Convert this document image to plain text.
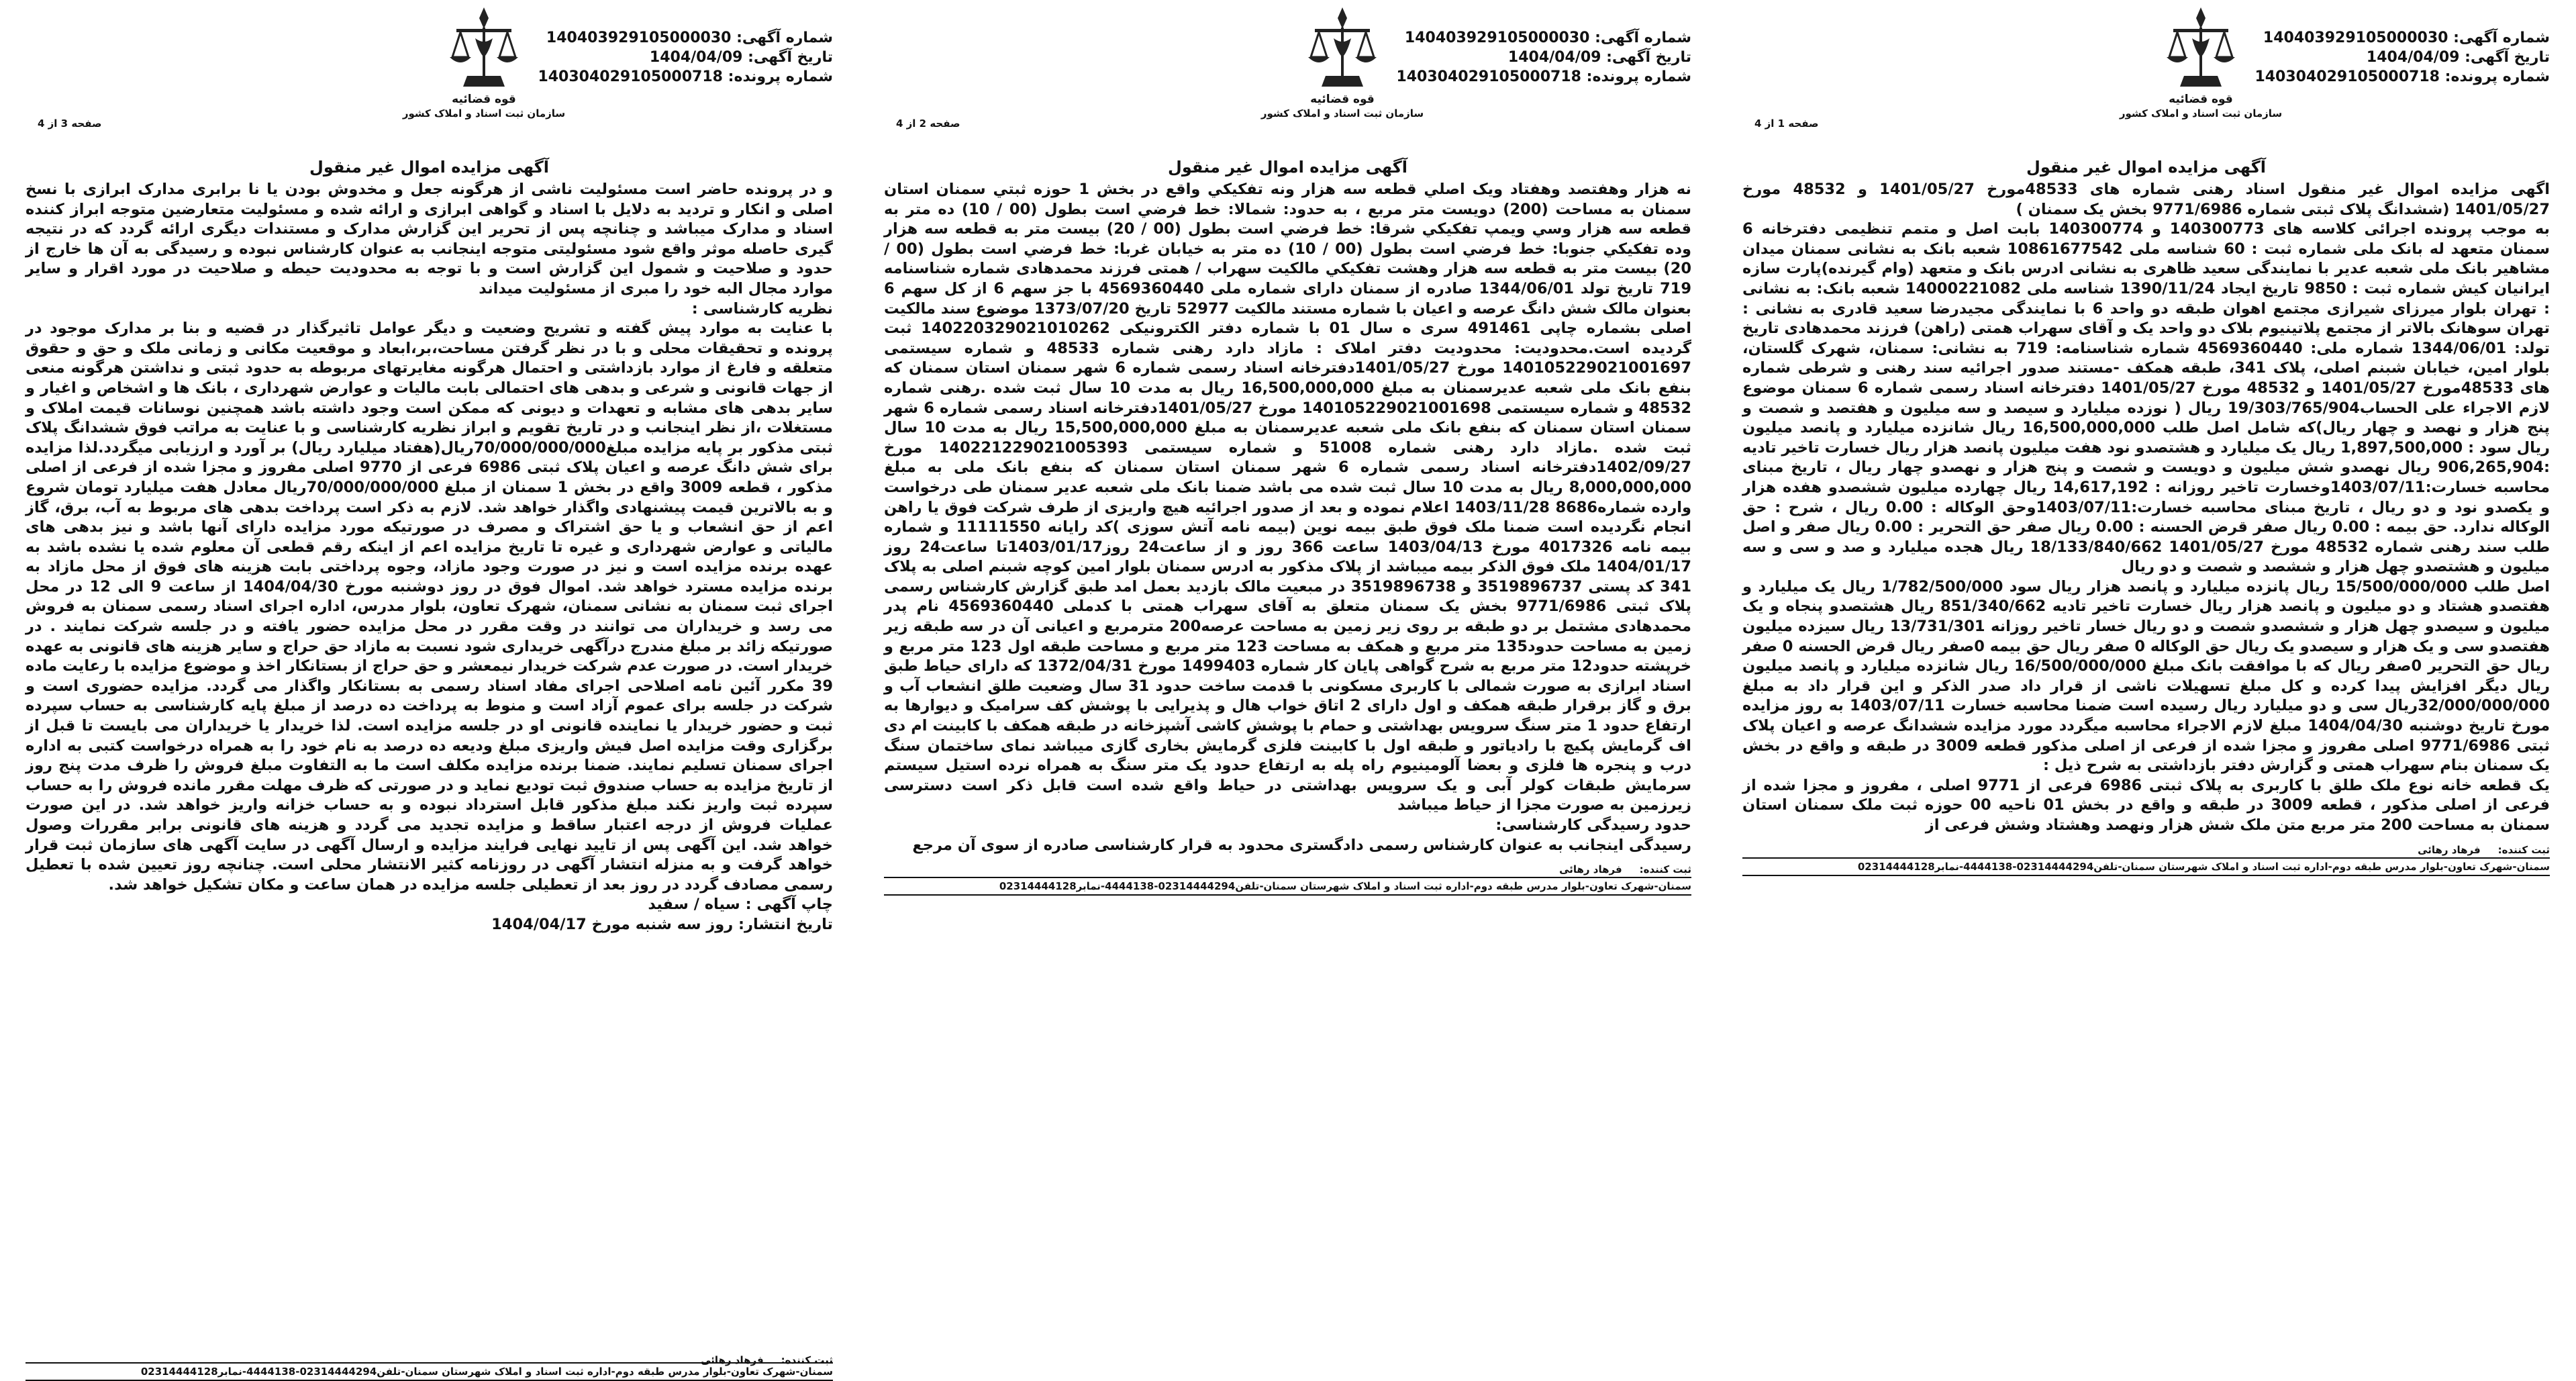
شماره آگهی: 140403929105000030
تاریخ آگهی: 1404/04/09
شماره پرونده: 140304029105000718
قوه قضائیه
سازمان ثبت اسناد و املاک کشور
صفحه 3 از 4
آگهی مزایده اموال غیر منقول
و در پرونده حاضر است مسئولیت ناشی از هرگونه جعل و مخدوش بودن یا نا برابری مدارک ابرازی با نسخ اصلی و انکار و تردید به دلایل با اسناد و گواهی ابرازی و ارائه شده و مسئولیت متعارضین متوجه ابراز کننده اسناد و مدارک میباشد و چنانچه پس از تحریر این گزارش مدارک و مستندات دیگری ارائه گردد که در نتیجه گیری حاصله موثر واقع شود مسئولیتی متوجه اینجانب به عنوان کارشناس نبوده و رسیدگی به آن ها خارج از حدود و صلاحیت و شمول این گزارش است و با توجه به محدودیت حیطه و صلاحیت در مورد اقرار و سایر موارد مجال البه خود را مبری از مسئولیت میداند
نظریه کارشناسی :
با عنایت به موارد پیش گفته و تشریح وضعیت و دیگر عوامل تاثیرگذار در قضیه و بنا بر مدارک موجود در پرونده و تحقیقات محلی و با در نظر گرفتن مساحت،بر،ابعاد و موقعیت مکانی و زمانی ملک و حق و حقوق متعلقه و فارغ از موارد بازداشتی و احتمال هرگونه مغایرتهای مربوطه به حدود ثبتی و نداشتن هرگونه منعی از جهات قانونی و شرعی و بدهی های احتمالی بابت مالیات و عوارض شهرداری ، بانک ها و اشخاص و اغیار و سایر بدهی های مشابه و تعهدات و دیونی که ممکن است وجود داشته باشد همچنین نوسانات قیمت املاک و مستغلات ،از نظر اینجانب و در تاریخ تقویم و ابراز نظریه کارشناسی و با عنایت به مراتب فوق ششدانگ پلاک ثبتی مذکور بر پایه مزایده مبلغ70/000/000/000ریال(هفتاد میلیارد ریال) بر آورد و ارزیابی میگردد.لذا مزایده برای شش دانگ عرصه و اعیان پلاک ثبتی 6986 فرعی از 9770 اصلی مفروز و مجزا شده از فرعی از اصلی مذکور ، قطعه 3009 واقع در بخش 1 سمنان از مبلغ 70/000/000/000ریال معادل هفت میلیارد تومان شروع و به بالاترین قیمت پیشنهادی واگذار خواهد شد. لازم به ذکر است پرداخت بدهی های مربوط به آب، برق، گاز اعم از حق انشعاب و یا حق اشتراک و مصرف در صورتیکه مورد مزایده دارای آنها باشد و نیز بدهی های مالیاتی و عوارض شهرداری و غیره تا تاریخ مزایده اعم از اینکه رقم قطعی آن معلوم شده یا نشده باشد به عهده برنده مزایده است و نیز در صورت وجود مازاد، وجوه پرداختی بابت هزینه های فوق از محل مازاد به برنده مزایده مسترد خواهد شد. اموال فوق در روز دوشنبه مورخ 1404/04/30 از ساعت 9 الی 12 در محل اجرای ثبت سمنان به نشانی سمنان، شهرک تعاون، بلوار مدرس، اداره اجرای اسناد رسمی سمنان به فروش می رسد و خریداران می توانند در وقت مقرر در محل مزایده حضور یافته و در جلسه شرکت نمایند . در صورتیکه زائد بر مبلغ مندرج درآگهی خریداری شود نسبت به مازاد حق حراج و سایر هزینه های قانونی به عهده خریدار است. در صورت عدم شرکت خریدار نیمعشر و حق حراج از بستانکار اخذ و موضوع مزایده با رعایت ماده 39 مکرر آئین نامه اصلاحی اجرای مفاد اسناد رسمی به بستانکار واگذار می گردد. مزایده حضوری است و شرکت در جلسه برای عموم آزاد است و منوط به پرداخت ده درصد از مبلغ پایه کارشناسی به حساب سپرده ثبت و حضور خریدار یا نماینده قانونی او در جلسه مزایده است. لذا خریدار یا خریداران می بایست تا قبل از برگزاری وقت مزایده اصل فیش واریزی مبلغ ودیعه ده درصد به نام خود را به همراه درخواست کتبی به اداره اجرای سمنان تسلیم نمایند. ضمنا برنده مزایده مکلف است ما به التفاوت مبلغ فروش را ظرف مدت پنج روز از تاریخ مزایده به حساب صندوق ثبت تودیع نماید و در صورتی که ظرف مهلت مقرر مانده فروش را به حساب سپرده ثبت واریز نکند مبلغ مذکور قابل استرداد نبوده و به حساب خزانه واریز خواهد شد. در این صورت عملیات فروش از درجه اعتبار ساقط و مزایده تجدید می گردد و هزینه های قانونی برابر مقررات وصول خواهد شد. این آگهی پس از تایید نهایی فرایند مزایده و ارسال آگهی در سایت آگهی های سازمان ثبت قرار خواهد گرفت و به منزله انتشار آگهی در روزنامه کثیر الانتشار محلی است. چنانچه روز تعیین شده با تعطیل رسمی مصادف گردد در روز بعد از تعطیلی جلسه مزایده در همان ساعت و مکان تشکیل خواهد شد.
چاپ آگهی : سیاه / سفید
تاریخ انتشار: روز سه شنبه مورخ 1404/04/17
ثبت کننده:
فرهاد رهائی
سمنان-شهرک تعاون-بلوار مدرس طبقه دوم-اداره ثبت اسناد و املاک شهرستان سمنان-تلفن02314444294-4444138-نمابر02314444128
شماره آگهی: 140403929105000030
تاریخ آگهی: 1404/04/09
شماره پرونده: 140304029105000718
قوه قضائیه
سازمان ثبت اسناد و املاک کشور
صفحه 2 از 4
آگهی مزایده اموال غیر منقول
نه هزار وهفتصد وهفتاد ویک اصلي قطعه سه هزار ونه تفكيكي واقع در بخش 1 حوزه ثبتي سمنان استان سمنان به مساحت (200) دويست متر مربع ، به حدود: شمالا: خط فرضي است بطول (00 / 10) ده متر به قطعه سه هزار وسي ويمپ تفكيكي شرقا: خط فرضي است بطول (00 / 20) بيست متر به قطعه سه هزار وده تفكيكي جنوبا: خط فرضي است بطول (00 / 10) ده متر به خيابان غربا: خط فرضي است بطول (00 / 20) بيست متر به قطعه سه هزار وهشت تفكيكي مالکیت سهراب / همتی فرزند محمدهادی شماره شناسنامه 719 تاریخ تولد 1344/06/01 صادره از سمنان دارای شماره ملی 4569360440 با جز سهم 6 از کل سهم 6 بعنوان مالک شش دانگ عرصه و اعیان با شماره مستند مالکیت 52977 تاریخ 1373/07/20 موضوع سند مالکیت اصلی بشماره چاپی 491461 سری ه سال 01 با شماره دفتر الکترونیکی 140220329021010262 ثبت گردیده است.محدودیت: محدودیت دفتر املاک : مازاد دارد رهنی شماره 48533 و شماره سیستمی 140105229021001697 مورخ 1401/05/27دفترخانه اسناد رسمی شماره 6 شهر سمنان استان سمنان که بنفع بانک ملی شعبه عدیرسمنان به مبلغ 16,500,000,000 ریال به مدت 10 سال ثبت شده .رهنی شماره 48532 و شماره سیستمی 140105229021001698 مورخ 1401/05/27دفترخانه اسناد رسمی شماره 6 شهر سمنان استان سمنان که بنفع بانک ملی شعبه عدیرسمنان به مبلغ 15,500,000,000 ریال به مدت 10 سال ثبت شده .مازاد دارد رهنی شماره 51008 و شماره سیستمی 140221229021005393 مورخ 1402/09/27دفترخانه اسناد رسمی شماره 6 شهر سمنان استان سمنان که بنفع بانک ملی به مبلغ 8,000,000,000 ریال به مدت 10 سال ثبت شده می باشد ضمنا بانک ملی شعبه عدیر سمنان طی درخواست وارده شماره8686 1403/11/28 اعلام نموده و بعد از صدور اجرائیه هیچ واریزی از طرف شرکت فوق یا راهن انجام نگردیده است ضمنا ملک فوق طبق بیمه نوین (بیمه نامه آتش سوزی )کد رایانه 11111550 و شماره بیمه نامه 4017326 مورخ 1403/04/13 ساعت 366 روز و از ساعت24 روز1403/01/17تا ساعت24 روز 1404/01/17 ملک فوق الذکر بیمه میباشد از پلاک مذکور به ادرس سمنان بلوار امین کوچه شبنم اصلی به پلاک 341 کد پستی 3519896737 و 3519896738 در مبعیت مالک بازدید بعمل امد طبق گزارش کارشناس رسمی پلاک ثبتی 9771/6986 بخش یک سمنان متعلق به آقای سهراب همتی با کدملی 4569360440 نام پدر محمدهادی مشتمل بر دو طبقه بر روی زیر زمین به مساحت عرصه200 مترمربع و اعیانی آن در سه طبقه زیر زمین به مساحت حدود135 متر مربع و همکف به مساحت 123 متر مربع و مساحت طبقه اول 123 متر مربع و خرپشته حدود12 متر مربع به شرح گواهی پایان کار شماره 1499403 مورخ 1372/04/31 که دارای حیاط طبق اسناد ابرازی به صورت شمالی با کاربری مسکونی با قدمت ساخت حدود 31 سال وضعیت طلق انشعاب آب و برق و گاز برقرار طبقه همکف و اول دارای 2 اتاق خواب هال و پذیرایی با پوشش کف سرامیک و دیوارها به ارتفاع حدود 1 متر سنگ سرویس بهداشتی و حمام با پوشش کاشی آشپزخانه در طبقه همکف با کابینت ام دی اف گرمایش پکیچ با رادیاتور و طبقه اول با کابینت فلزی گرمایش بخاری گازی میباشد نمای ساختمان سنگ درب و پنجره ها فلزی و بعضا آلومینیوم راه پله به ارتفاع حدود یک متر سنگ به همراه نرده استیل سیستم سرمایش طبقات کولر آبی و یک سرویس بهداشتی در حیاط واقع شده است قابل ذکر است دسترسی زیرزمین به صورت مجزا از حیاط میباشد
حدود رسیدگی کارشناسی:
رسیدگی اینجانب به عنوان کارشناس رسمی دادگستری محدود به قرار کارشناسی صادره از سوی آن مرجع
ثبت کننده:
فرهاد رهائی
سمنان-شهرک تعاون-بلوار مدرس طبقه دوم-اداره ثبت اسناد و املاک شهرستان سمنان-تلفن02314444294-4444138-نمابر02314444128
شماره آگهی: 140403929105000030
تاریخ آگهی: 1404/04/09
شماره پرونده: 140304029105000718
قوه قضائیه
سازمان ثبت اسناد و املاک کشور
صفحه 1 از 4
آگهی مزایده اموال غیر منقول
اگهی مزایده اموال غیر منقول اسناد رهنی شماره های 48533مورخ 1401/05/27 و 48532 مورخ 1401/05/27 (ششدانگ پلاک ثبتی شماره 9771/6986 بخش یک سمنان )
به موجب پرونده اجرائی کلاسه های 140300773 و 140300774 بابت اصل و متمم تنظیمی دفترخانه 6 سمنان متعهد له بانک ملی شماره ثبت : 60 شناسه ملی 10861677542 شعبه بانک به نشانی سمنان میدان مشاهیر بانک ملی شعبه عدیر با نمایندگی سعید ظاهری به نشانی ادرس بانک و متعهد (وام گیرنده)پارت سازه ایرانیان کیش شماره ثبت : 9850 تاریخ ایجاد 1390/11/24 شناسه ملی 14000221082 شعبه بانک: به نشانی : تهران بلوار میرزای شیرازی مجتمع اهوان طبقه دو واحد 6 با نمایندگی مجیدرضا سعید قادری به نشانی : تهران سوهانک بالاتر از مجتمع پلاتینیوم بلاک دو واحد یک و آقای سهراب همتی (راهن) فرزند محمدهادی تاریخ تولد: 1344/06/01 شماره ملی: 4569360440 شماره شناسنامه: 719 به نشانی: سمنان، شهرک گلستان، بلوار امین، خیابان شبنم اصلی، پلاک 341، طبقه همکف -مستند صدور اجرائیه سند رهنی و شرطی شماره های 48533مورخ 1401/05/27 و 48532 مورخ 1401/05/27 دفترخانه اسناد رسمی شماره 6 سمنان موضوع لازم الاجراء علی الحساب19/303/765/904 ریال ( نوزده میلیارد و سیصد و سه میلیون و هفتصد و شصت و پنج هزار و نهصد و چهار ریال)که شامل اصل طلب 16,500,000,000 ریال شانزده میلیارد و پانصد میلیون ریال سود : 1,897,500,000 ریال یک میلیارد و هشتصدو نود هفت میلیون پانصد هزار ریال خسارت تاخیر تادیه :906,265,904 ریال نهصدو شش میلیون و دویست و شصت و پنج هزار و نهصدو چهار ریال ، تاریخ مبنای محاسبه خسارت:1403/07/11وخسارت تاخیر روزانه : 14,617,192 ریال چهارده میلیون ششصدو هفده هزار و یکصدو نود و دو ریال ، تاریخ مبنای محاسبه خسارت:1403/07/11وحق الوکاله : 0.00 ریال ، شرح : حق الوکاله ندارد. حق بیمه : 0.00 ریال صفر قرض الحسنه : 0.00 ریال صفر حق التحریر : 0.00 ریال صفر و اصل طلب سند رهنی شماره 48532 مورخ 1401/05/27 18/133/840/662 ریال هجده میلیارد و صد و سی و سه میلیون و هشتصدو چهل هزار و ششصد و شصت و دو ریال
اصل طلب 15/500/000/000 ریال پانزده میلیارد و پانصد هزار ریال سود 1/782/500/000 ریال یک میلیارد و هفتصدو هشتاد و دو میلیون و پانصد هزار ریال خسارت تاخیر تادیه 851/340/662 ریال هشتصدو پنجاه و یک میلیون و سیصدو چهل هزار و ششصدو شصت و دو ریال خسار تاخیر روزانه 13/731/301 ریال سیزده میلیون هفتصدو سی و یک هزار و سیصدو یک ریال حق الوکاله 0 صفر ریال حق بیمه 0صفر ریال قرض الحسنه 0 صفر ریال حق التحریر 0صفر ریال که با موافقت بانک مبلغ 16/500/000/000 ریال شانزده میلیارد و پانصد میلیون ریال دیگر افزایش پیدا کرده و کل مبلغ تسهیلات ناشی از قرار داد صدر الذکر و این قرار داد به مبلغ 32/000/000/000ریال سی و دو میلیارد ریال رسیده است ضمنا محاسبه خسارت 1403/07/11 به روز مزایده مورخ تاریخ دوشنبه 1404/04/30 مبلغ لازم الاجراء محاسبه میگردد مورد مزایده ششدانگ عرصه و اعیان پلاک ثبتی 9771/6986 اصلی مفروز و مجزا شده از فرعی از اصلی مذکور قطعه 3009 در طبقه و واقع در بخش یک سمنان بنام سهراب همتی و گزارش دفتر بازداشتی به شرح ذیل :
یک قطعه خانه نوع ملک طلق با کاربری به پلاک ثبتی 6986 فرعی از 9771 اصلی ، مفروز و مجزا شده از فرعی از اصلی مذکور ، قطعه 3009 در طبقه و واقع در بخش 01 ناحیه 00 حوزه ثبت ملک سمنان استان سمنان به مساحت 200 متر مربع متن ملک شش هزار ونهصد وهشتاد وشش فرعی از
ثبت کننده:
فرهاد رهائی
سمنان-شهرک تعاون-بلوار مدرس طبقه دوم-اداره ثبت اسناد و املاک شهرستان سمنان-تلفن02314444294-4444138-نمابر02314444128
